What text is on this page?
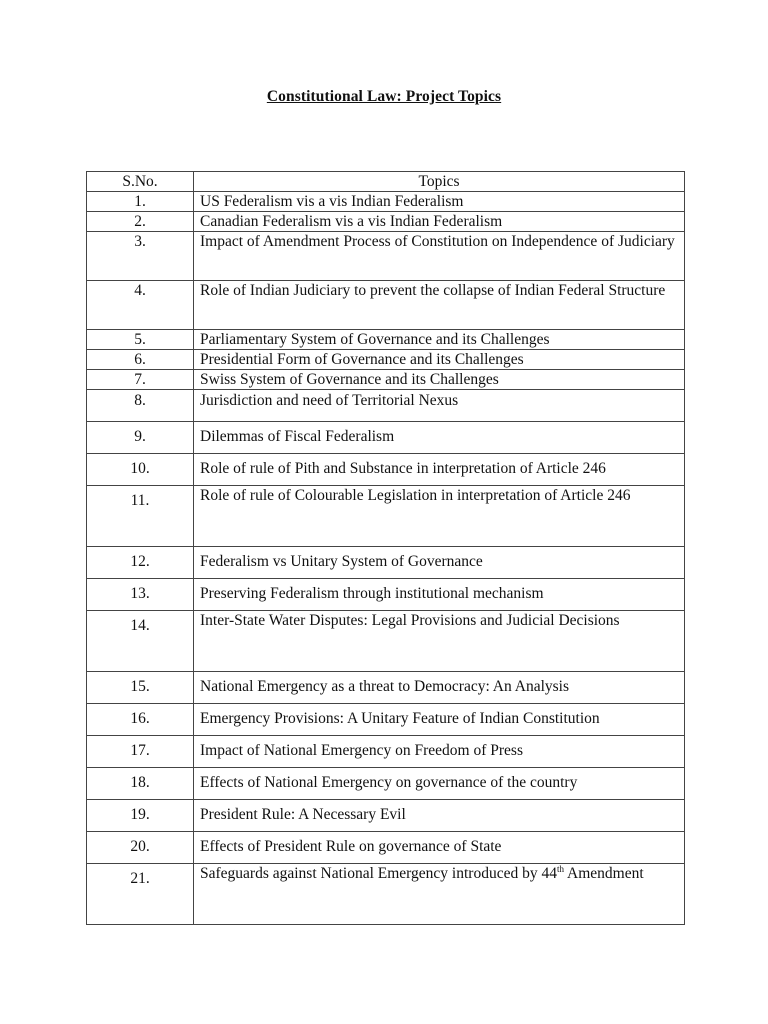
Constitutional Law: Project Topics
S.No.	Topics
1.	US Federalism vis a vis Indian Federalism
2.	Canadian Federalism vis a vis Indian Federalism
3.	Impact of Amendment Process of Constitution on Independence of Judiciary
4.	Role of Indian Judiciary to prevent the collapse of Indian Federal Structure
5.	Parliamentary System of Governance and its Challenges
6.	Presidential Form of Governance and its Challenges
7.	Swiss System of Governance and its Challenges
8.	Jurisdiction and need of Territorial Nexus
9.	Dilemmas of Fiscal Federalism
10.	Role of rule of Pith and Substance in interpretation of Article 246
11.	Role of rule of Colourable Legislation in interpretation of Article 246
12.	Federalism vs Unitary System of Governance
13.	Preserving Federalism through institutional mechanism
14.	Inter-State Water Disputes: Legal Provisions and Judicial Decisions
15.	National Emergency as a threat to Democracy: An Analysis
16.	Emergency Provisions: A Unitary Feature of Indian Constitution
17.	Impact of National Emergency on Freedom of Press
18.	Effects of National Emergency on governance of the country
19.	President Rule: A Necessary Evil
20.	Effects of President Rule on governance of State
21.	Safeguards against National Emergency introduced by 44th Amendment
